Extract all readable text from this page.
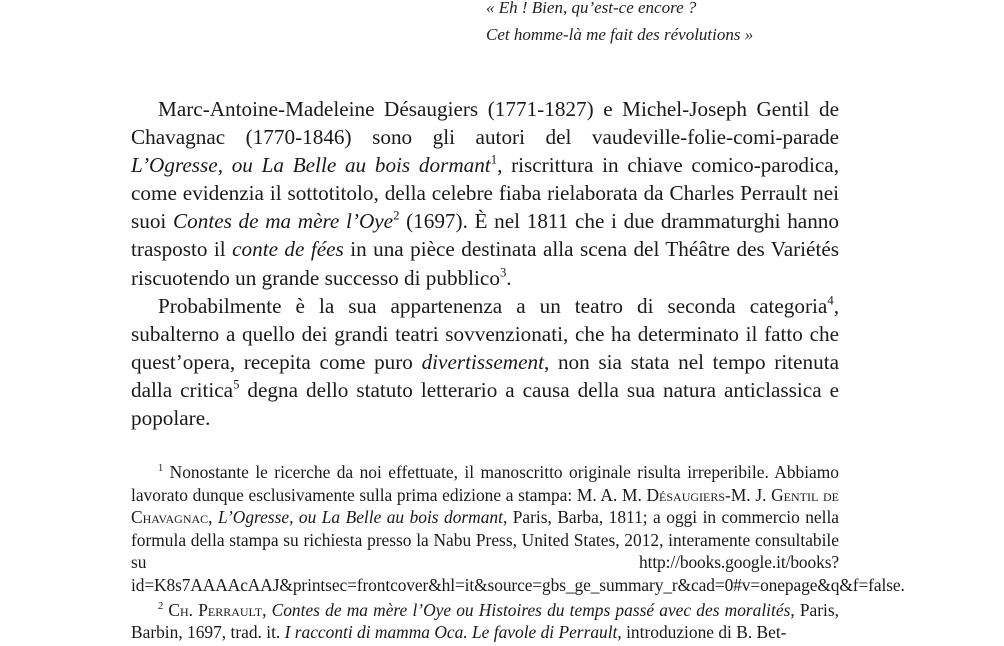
« Eh ! Bien, qu’est-ce encore ?
Cet homme-là me fait des révolutions »

Marc-Antoine-Madeleine Désaugiers (1771-1827) e Michel-Joseph Gentil de Chavagnac (1770-1846) sono gli autori del vaudeville-folie-comi-parade L’Ogresse, ou La Belle au bois dormant$^1$, riscrittura in chiave comico-parodica, come evidenzia il sottotitolo, della celebre fiaba rielaborata da Charles Perrault nei suoi Contes de ma mère l’Oye$^2$ (1697). È nel 1811 che i due drammaturghi hanno trasposto il conte de fées in una pièce destinata alla scena del Théâtre des Variétés riscuotendo un grande successo di pubblico$^3$.

Probabilmente è la sua appartenenza a un teatro di seconda categoria$^4$, subalterno a quello dei grandi teatri sovvenzionati, che ha determinato il fatto che quest’opera, recepita come puro divertissement, non sia stata nel tempo ritenuta dalla critica$^5$ degna dello statuto letterario a causa della sua natura anticlassica e popolare.

$^1$ Nonostante le ricerche da noi effettuate, il manoscritto originale risulta irreperibile. Abbiamo lavorato dunque esclusivamente sulla prima edizione a stampa: M. A. M. Désaugiers-M. J. Gentil de Chavagnac, L’Ogresse, ou La Belle au bois dormant, Paris, Barba, 1811; a oggi in commercio nella formula della stampa su richiesta presso la Nabu Press, United States, 2012, interamente consultabile su http://books.google.it/books?id=K8s7AAAAcAAJ&printsec=frontcover&hl=it&source=gbs_ge_summary_r&cad=0#v=onepage&q&f=false.

$^2$ Ch. Perrault, Contes de ma mère l’Oye ou Histoires du temps passé avec des moralités, Paris, Barbin, 1697, trad. it. I racconti di mamma Oca. Le favole di Perrault, introduzione di B. Bet-
